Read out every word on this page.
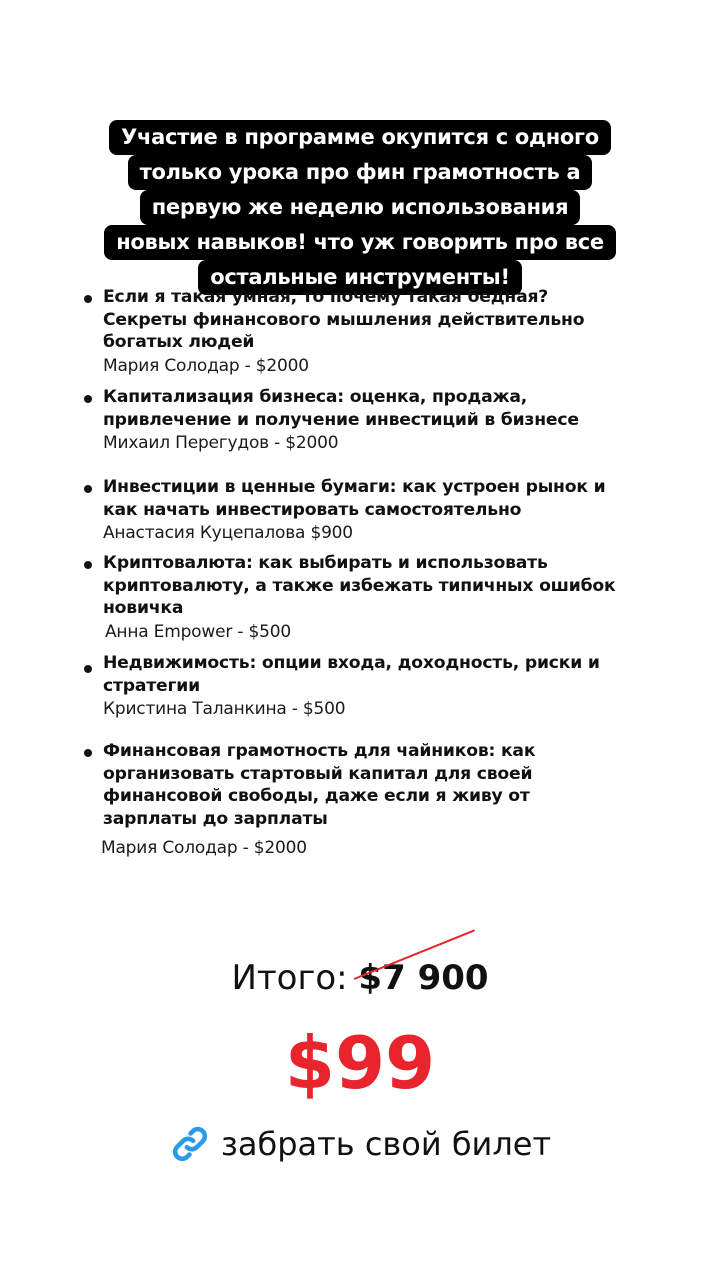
Участие в программе окупится с одного
только урока про фин грамотность а
первую же неделю использования
новых навыков! что уж говорить про все
остальные инструменты!
Если я такая умная, то почему такая бедная?
Секреты финансового мышления действительно
богатых людей
Мария Солодар - $2000
Капитализация бизнеса: оценка, продажа,
привлечение и получение инвестиций в бизнесе
Михаил Перегудов - $2000
Инвестиции в ценные бумаги: как устроен рынок и
как начать инвестировать самостоятельно
Анастасия Куцепалова $900
Криптовалюта: как выбирать и использовать
криптовалюту, а также избежать типичных ошибок
новичка
Анна Empower - $500
Недвижимость: опции входа, доходность, риски и
стратегии
Кристина Таланкина - $500
Финансовая грамотность для чайников: как
организовать стартовый капитал для своей
финансовой свободы, даже если я живу от
зарплаты до зарплаты
Мария Солодар - $2000
Итого: $7 900
$99
забрать свой билет
